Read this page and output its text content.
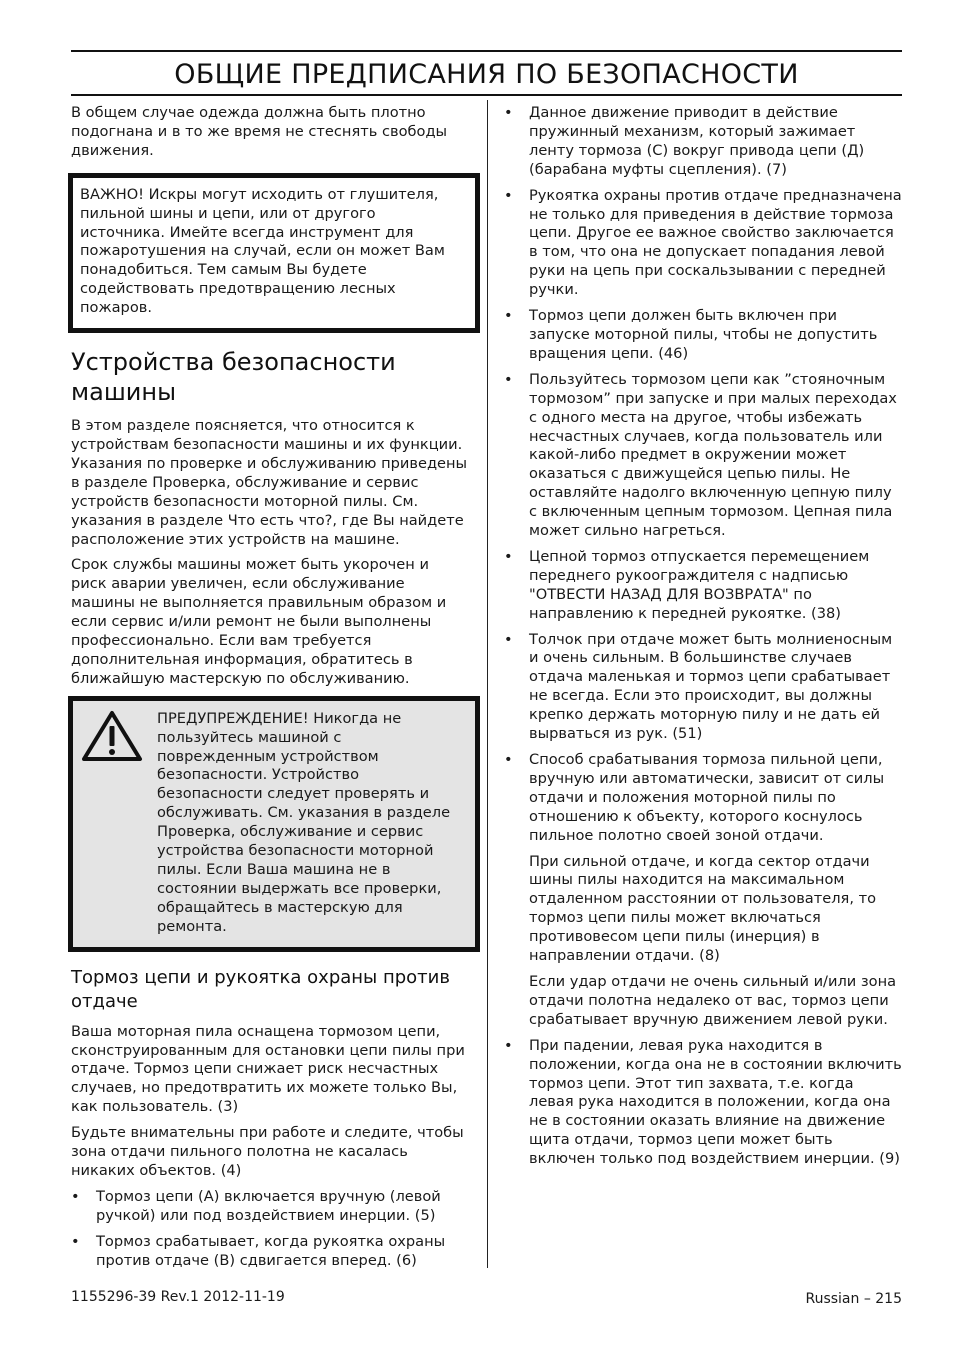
ОБЩИЕ ПРЕДПИСАНИЯ ПО БЕЗОПАСНОСТИ

В общем случае одежда должна быть плотно подогнана и в то же время не стеснять свободы движения.

ВАЖНО! Искры могут исходить от глушителя, пильной шины и цепи, или от другого источника. Имейте всегда инструмент для пожаротушения на случай, если он может Вам понадобиться. Тем самым Вы будете содействовать предотвращению лесных пожаров.
Устройства безопасности машины

В этом разделе поясняется, что относится к устройствам безопасности машины и их функции. Указания по проверке и обслуживанию приведены в разделе Проверка, обслуживание и сервис устройств безопасности моторной пилы. См. указания в разделе Что есть что?, где Вы найдете расположение этих устройств на машине.

Срок службы машины может быть укорочен и риск аварии увеличен, если обслуживание машины не выполняется правильным образом и если сервис и/или ремонт не были выполнены профессионально. Если вам требуется дополнительная информация, обратитесь в ближайшую мастерскую по обслуживанию.

ПРЕДУПРЕЖДЕНИЕ! Никогда не пользуйтесь машиной с поврежденным устройством безопасности. Устройство безопасности следует проверять и обслуживать. См. указания в разделе Проверка, обслуживание и сервис устройства безопасности моторной пилы. Если Ваша машина не в состоянии выдержать все проверки, обращайтесь в мастерскую для ремонта.
Тормоз цепи и рукоятка охраны против отдаче

Ваша моторная пила оснащена тормозом цепи, сконструированным для остановки цепи пилы при отдаче. Тормоз цепи снижает риск несчастных случаев, но предотвратить их можете только Вы, как пользователь. (3)

Будьте внимательны при работе и следите, чтобы зона отдачи пильного полотна не касалась никаких объектов. (4)

• Тормоз цепи (A) включается вручную (левой ручкой) или под воздействием инерции. (5)
• Тормоз срабатывает, когда рукоятка охраны против отдаче (B) сдвигается вперед. (6)
• Данное движение приводит в действие пружинный механизм, который зажимает ленту тормоза (C) вокруг привода цепи (Д) (барабана муфты сцепления). (7)
• Рукоятка охраны против отдаче предназначена не только для приведения в действие тормоза цепи. Другое ее важное свойство заключается в том, что она не допускает попадания левой руки на цепь при соскальзывании с передней ручки.
• Тормоз цепи должен быть включен при запуске моторной пилы, чтобы не допустить вращения цепи. (46)
• Пользуйтесь тормозом цепи как ”стояночным тормозом” при запуске и при малых переходах с одного места на другое, чтобы избежать несчастных случаев, когда пользователь или какой-либо предмет в окружении может оказаться с движущейся цепью пилы. Не оставляйте надолго включенную цепную пилу с включенным цепным тормозом. Цепная пила может сильно нагреться.
• Цепной тормоз отпускается перемещением переднего рукоограждителя с надписью "ОТВЕСТИ НАЗАД ДЛЯ ВОЗВРАТА" по направлению к передней рукоятке. (38)
• Толчок при отдаче может быть молниеносным и очень сильным. В большинстве случаев отдача маленькая и тормоз цепи срабатывает не всегда. Если это происходит, вы должны крепко держать моторную пилу и не дать ей вырваться из рук. (51)
• Способ срабатывания тормоза пильной цепи, вручную или автоматически, зависит от силы отдачи и положения моторной пилы по отношению к объекту, которого коснулось пильное полотно своей зоной отдачи.

При сильной отдаче, и когда сектор отдачи шины пилы находится на максимальном отдаленном расстоянии от пользователя, то тормоз цепи пилы может включаться противовесом цепи пилы (инерция) в направлении отдачи. (8)

Если удар отдачи не очень сильный и/или зона отдачи полотна недалеко от вас, тормоз цепи срабатывает вручную движением левой руки.

• При падении, левая рука находится в положении, когда она не в состоянии включить тормоз цепи. Этот тип захвата, т.е. когда левая рука находится в положении, когда она не в состоянии оказать влияние на движение щита отдачи, тормоз цепи может быть включен только под воздействием инерции. (9)
1155296-39 Rev.1 2012-11-19	Russian – 215
